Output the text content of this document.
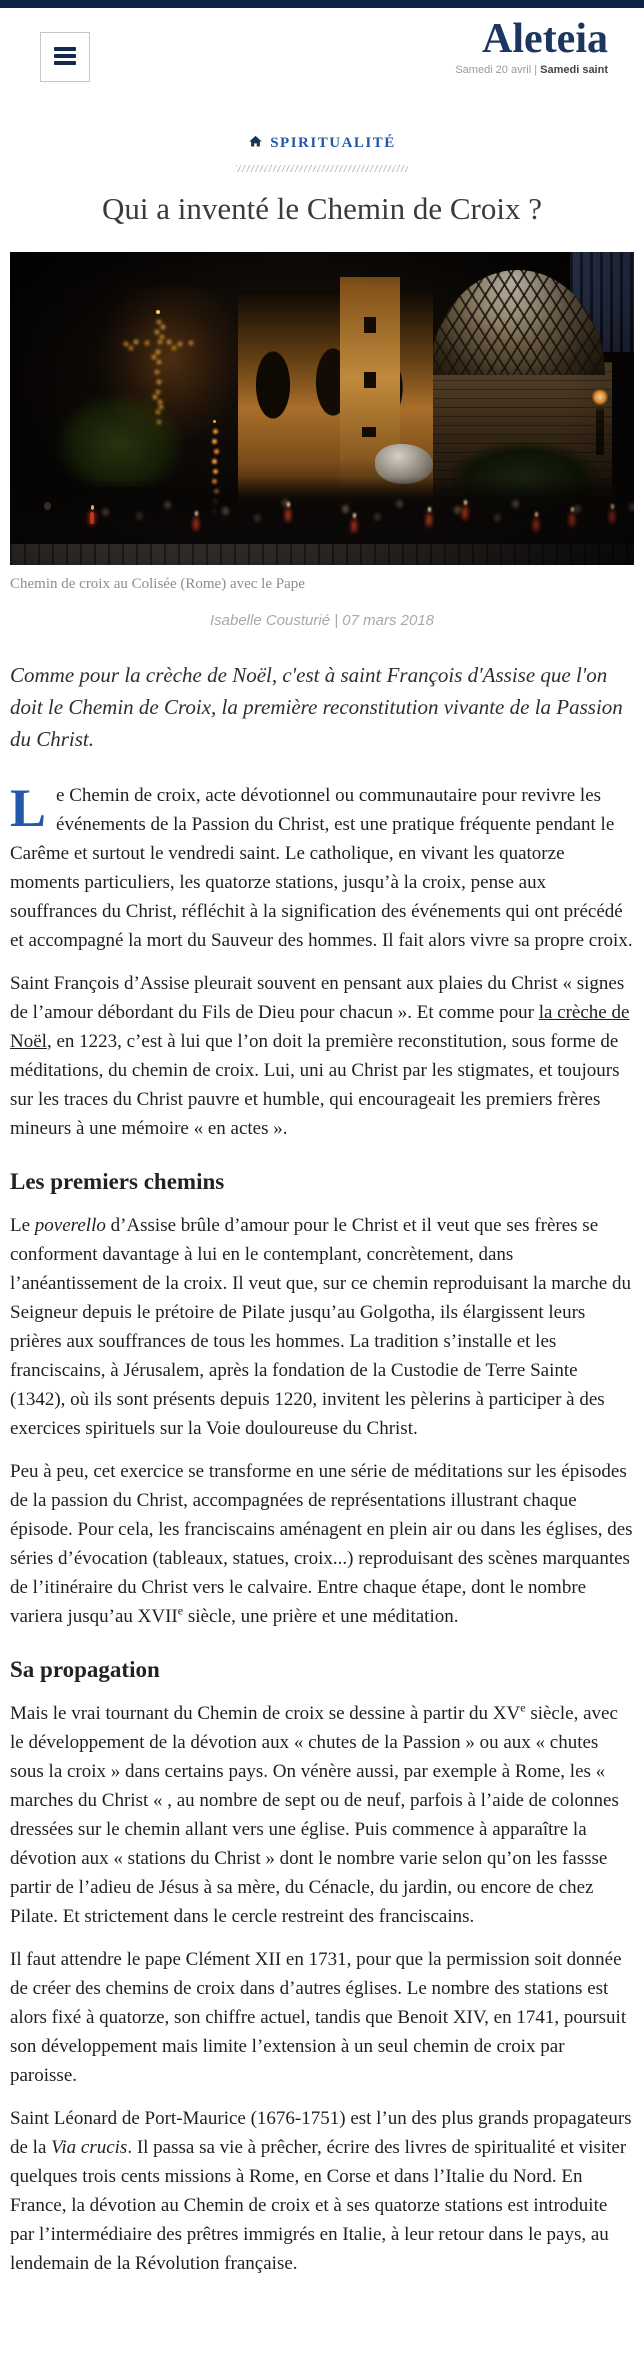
Aleteia
Samedi 20 avril | Samedi saint
SPIRITUALITÉ
Qui a inventé le Chemin de Croix ?
Chemin de croix au Colisée (Rome) avec le Pape
Isabelle Cousturié | 07 mars 2018

Comme pour la crèche de Noël, c'est à saint François d'Assise que l'on doit le Chemin de Croix, la première reconstitution vivante de la Passion du Christ.

Le Chemin de croix, acte dévotionnel ou communautaire pour revivre les événements de la Passion du Christ, est une pratique fréquente pendant le Carême et surtout le vendredi saint. Le catholique, en vivant les quatorze moments particuliers, les quatorze stations, jusqu’à la croix, pense aux souffrances du Christ, réfléchit à la signification des événements qui ont précédé et accompagné la mort du Sauveur des hommes. Il fait alors vivre sa propre croix.

Saint François d’Assise pleurait souvent en pensant aux plaies du Christ « signes de l’amour débordant du Fils de Dieu pour chacun ». Et comme pour la crèche de Noël, en 1223, c’est à lui que l’on doit la première reconstitution, sous forme de méditations, du chemin de croix. Lui, uni au Christ par les stigmates, et toujours sur les traces du Christ pauvre et humble, qui encourageait les premiers frères mineurs à une mémoire « en actes ».

Les premiers chemins

Le poverello d’Assise brûle d’amour pour le Christ et il veut que ses frères se conforment davantage à lui en le contemplant, concrètement, dans l’anéantissement de la croix. Il veut que, sur ce chemin reproduisant la marche du Seigneur depuis le prétoire de Pilate jusqu’au Golgotha, ils élargissent leurs prières aux souffrances de tous les hommes. La tradition s’installe et les franciscains, à Jérusalem, après la fondation de la Custodie de Terre Sainte (1342), où ils sont présents depuis 1220, invitent les pèlerins à participer à des exercices spirituels sur la Voie douloureuse du Christ.

Peu à peu, cet exercice se transforme en une série de méditations sur les épisodes de la passion du Christ, accompagnées de représentations illustrant chaque épisode. Pour cela, les franciscains aménagent en plein air ou dans les églises, des séries d’évocation (tableaux, statues, croix...) reproduisant des scènes marquantes de l’itinéraire du Christ vers le calvaire. Entre chaque étape, dont le nombre variera jusqu’au XVIIe siècle, une prière et une méditation.

Sa propagation

Mais le vrai tournant du Chemin de croix se dessine à partir du XVe siècle, avec le développement de la dévotion aux « chutes de la Passion » ou aux « chutes sous la croix » dans certains pays. On vénère aussi, par exemple à Rome, les « marches du Christ « , au nombre de sept ou de neuf, parfois à l’aide de colonnes dressées sur le chemin allant vers une église. Puis commence à apparaître la dévotion aux « stations du Christ » dont le nombre varie selon qu’on les fassse partir de l’adieu de Jésus à sa mère, du Cénacle, du jardin, ou encore de chez Pilate. Et strictement dans le cercle restreint des franciscains.

Il faut attendre le pape Clément XII en 1731, pour que la permission soit donnée de créer des chemins de croix dans d’autres églises. Le nombre des stations est alors fixé à quatorze, son chiffre actuel, tandis que Benoit XIV, en 1741, poursuit son développement mais limite l’extension à un seul chemin de croix par paroisse.

Saint Léonard de Port-Maurice (1676-1751) est l’un des plus grands propagateurs de la Via crucis. Il passa sa vie à prêcher, écrire des livres de spiritualité et visiter quelques trois cents missions à Rome, en Corse et dans l’Italie du Nord. En France, la dévotion au Chemin de croix et à ses quatorze stations est introduite par l’intermédiaire des prêtres immigrés en Italie, à leur retour dans le pays, au lendemain de la Révolution française.
